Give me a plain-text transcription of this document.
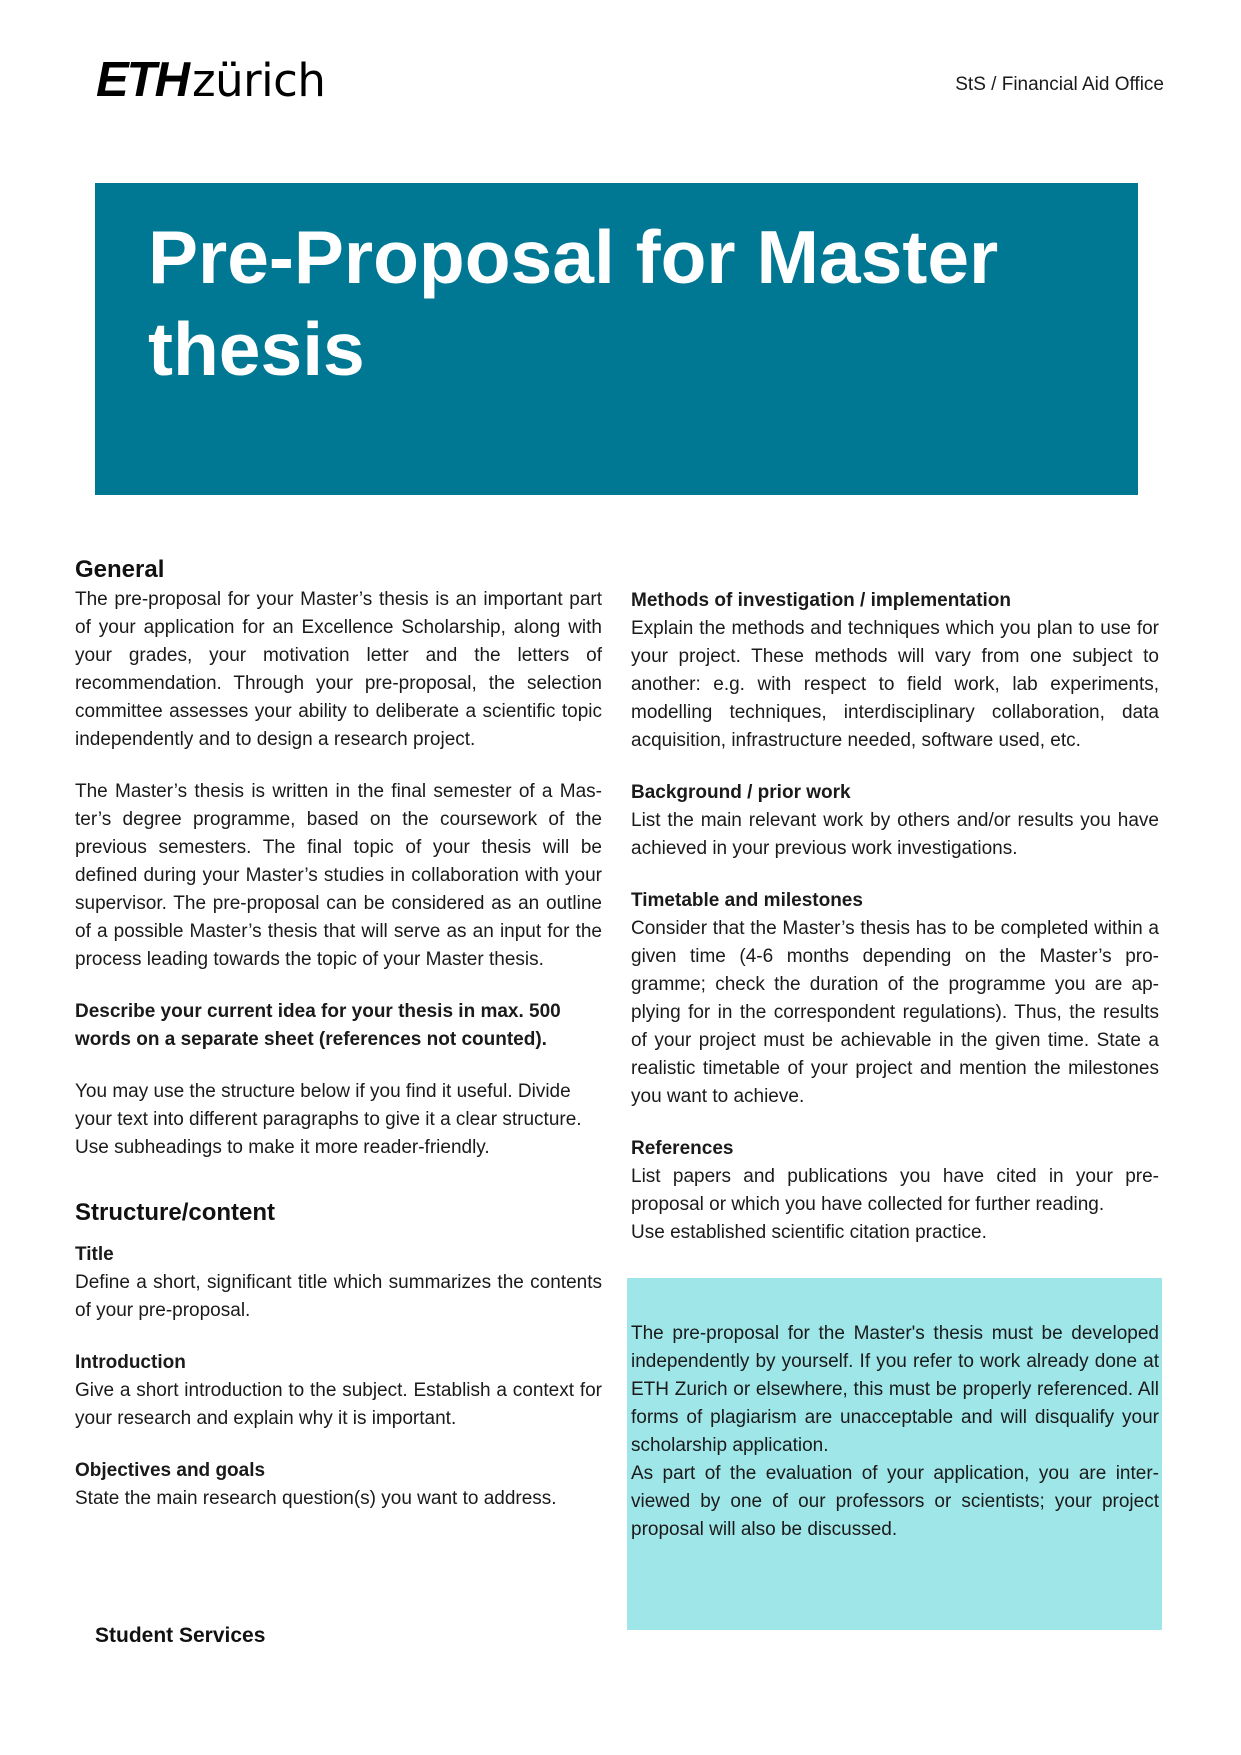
ETH zürich	StS / Financial Aid Office
Pre-Proposal for Master thesis
General

The pre-proposal for your Master’s thesis is an important part of your application for an Excellence Scholarship, along with your grades, your motivation letter and the letters of recommendation. Through your pre-proposal, the selection committee assesses your ability to deliberate a scientific topic independently and to design a research project.

The Master’s thesis is written in the final semester of a Master’s degree programme, based on the coursework of the previous semesters. The final topic of your thesis will be defined during your Master’s studies in collaboration with your supervisor. The pre-proposal can be considered as an outline of a possible Master’s thesis that will serve as an input for the process leading towards the topic of your Master thesis.

Describe your current idea for your thesis in max. 500 words on a separate sheet (references not counted).

You may use the structure below if you find it useful. Divide your text into different paragraphs to give it a clear structure. Use subheadings to make it more reader-friendly.

Structure/content

Title

Define a short, significant title which summarizes the contents of your pre-proposal.

Introduction

Give a short introduction to the subject. Establish a context for your research and explain why it is important.

Objectives and goals

State the main research question(s) you want to address.

Methods of investigation / implementation

Explain the methods and techniques which you plan to use for your project. These methods will vary from one subject to another: e.g. with respect to field work, lab experiments, modelling techniques, interdisciplinary collaboration, data acquisition, infrastructure needed, software used, etc.

Background / prior work

List the main relevant work by others and/or results you have achieved in your previous work investigations.

Timetable and milestones

Consider that the Master’s thesis has to be completed within a given time (4-6 months depending on the Master’s programme; check the duration of the programme you are applying for in the correspondent regulations). Thus, the results of your project must be achievable in the given time. State a realistic timetable of your project and mention the milestones you want to achieve.

References

List papers and publications you have cited in your pre-proposal or which you have collected for further reading.

Use established scientific citation practice.

The pre-proposal for the Master's thesis must be developed independently by yourself. If you refer to work already done at ETH Zurich or elsewhere, this must be properly referenced. All forms of plagiarism are unacceptable and will disqualify your scholarship application.

As part of the evaluation of your application, you are interviewed by one of our professors or scientists; your project proposal will also be discussed.

Student Services
